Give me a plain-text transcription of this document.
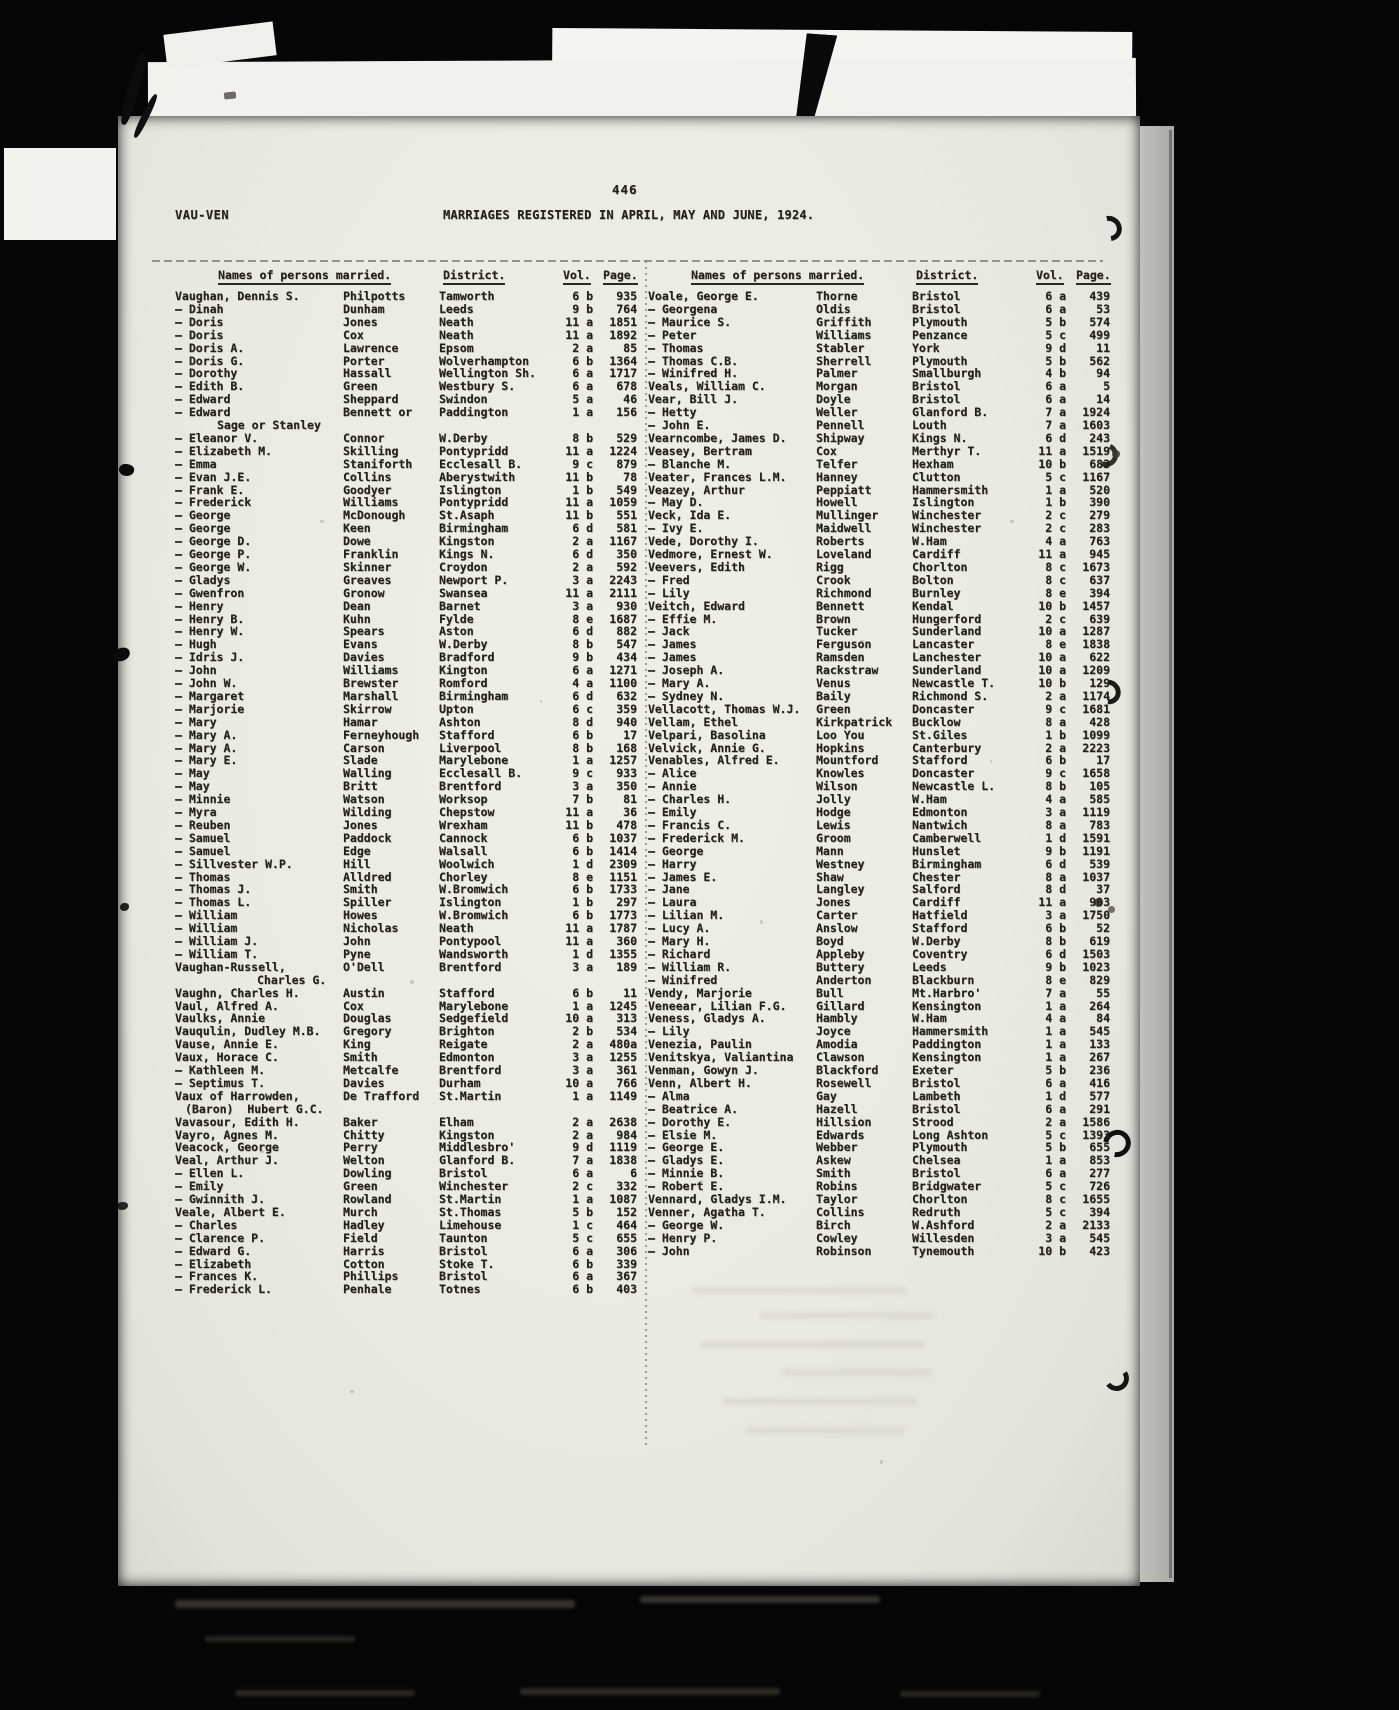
446
VAU-VEN	MARRIAGES REGISTERED IN APRIL, MAY AND JUNE, 1924.
Names of persons married.	District.	Vol. Page.	Names of persons married.	District.	Vol. Page.
Vaughan, Dennis S.	Philpotts	Tamworth	6 b	935
— Dinah	Dunham	Leeds	9 b	764
— Doris	Jones	Neath	11 a	1851
— Doris	Cox	Neath	11 a	1892
— Doris A.	Lawrence	Epsom	2 a	85
— Doris G.	Porter	Wolverhampton	6 b	1364
— Dorothy	Hassall	Wellington Sh.	6 a	1717
— Edith B.	Green	Westbury S.	6 a	678
— Edward	Sheppard	Swindon	5 a	46
— Edward	Bennett or	Paddington	1 a	156
Sage or Stanley
— Eleanor V.	Connor	W.Derby	8 b	529
— Elizabeth M.	Skilling	Pontypridd	11 a	1224
— Emma	Staniforth	Ecclesall B.	9 c	879
— Evan J.E.	Collins	Aberystwith	11 b	78
— Frank E.	Goodyer	Islington	1 b	549
— Frederick	Williams	Pontypridd	11 a	1059
— George	McDonough	St.Asaph	11 b	551
— George	Keen	Birmingham	6 d	581
— George D.	Dowe	Kingston	2 a	1167
— George P.	Franklin	Kings N.	6 d	350
— George W.	Skinner	Croydon	2 a	592
— Gladys	Greaves	Newport P.	3 a	2243
— Gwenfron	Gronow	Swansea	11 a	2111
— Henry	Dean	Barnet	3 a	930
— Henry B.	Kuhn	Fylde	8 e	1687
— Henry W.	Spears	Aston	6 d	882
— Hugh	Evans	W.Derby	8 b	547
— Idris J.	Davies	Bradford	9 b	434
— John	Williams	Kington	6 a	1271
— John W.	Brewster	Romford	4 a	1100
— Margaret	Marshall	Birmingham	6 d	632
— Marjorie	Skirrow	Upton	6 c	359
— Mary	Hamar	Ashton	8 d	940
— Mary A.	Ferneyhough	Stafford	6 b	17
— Mary A.	Carson	Liverpool	8 b	168
— Mary E.	Slade	Marylebone	1 a	1257
— May	Walling	Ecclesall B.	9 c	933
— May	Britt	Brentford	3 a	350
— Minnie	Watson	Worksop	7 b	81
— Myra	Wilding	Chepstow	11 a	36
— Reuben	Jones	Wrexham	11 b	478
— Samuel	Paddock	Cannock	6 b	1037
— Samuel	Edge	Walsall	6 b	1414
— Sillvester W.P.	Hill	Woolwich	1 d	2309
— Thomas	Alldred	Chorley	8 e	1151
— Thomas J.	Smith	W.Bromwich	6 b	1733
— Thomas L.	Spiller	Islington	1 b	297
— William	Howes	W.Bromwich	6 b	1773
— William	Nicholas	Neath	11 a	1787
— William J.	John	Pontypool	11 a	360
— William T.	Pyne	Wandsworth	1 d	1355
Vaughan-Russell,	O'Dell	Brentford	3 a	189
Charles G.
Vaughn, Charles H.	Austin	Stafford	6 b	11
Vaul, Alfred A.	Cox	Marylebone	1 a	1245
Vaulks, Annie	Douglas	Sedgefield	10 a	313
Vauqulin, Dudley M.B.	Gregory	Brighton	2 b	534
Vause, Annie E.	King	Reigate	2 a	480a
Vaux, Horace C.	Smith	Edmonton	3 a	1255
— Kathleen M.	Metcalfe	Brentford	3 a	361
— Septimus T.	Davies	Durham	10 a	766
Vaux of Harrowden,	De Trafford	St.Martin	1 a	1149
(Baron)  Hubert G.C.
Vavasour, Edith H.	Baker	Elham	2 a	2638
Vayro, Agnes M.	Chitty	Kingston	2 a	984
Veacock, George	Perry	Middlesbro'	9 d	1119
Veal, Arthur J.	Welton	Glanford B.	7 a	1838
— Ellen L.	Dowling	Bristol	6 a	6
— Emily	Green	Winchester	2 c	332
— Gwinnith J.	Rowland	St.Martin	1 a	1087
Veale, Albert E.	Murch	St.Thomas	5 b	152
— Charles	Hadley	Limehouse	1 c	464
— Clarence P.	Field	Taunton	5 c	655
— Edward G.	Harris	Bristol	6 a	306
— Elizabeth	Cotton	Stoke T.	6 b	339
— Frances K.	Phillips	Bristol	6 a	367
— Frederick L.	Penhale	Totnes	6 b	403
Voale, George E.	Thorne	Bristol	6 a	439
— Georgena	Oldis	Bristol	6 a	53
— Maurice S.	Griffith	Plymouth	5 b	574
— Peter	Williams	Penzance	5 c	499
— Thomas	Stabler	York	9 d	11
— Thomas C.B.	Sherrell	Plymouth	5 b	562
— Winifred H.	Palmer	Smallburgh	4 b	94
Veals, William C.	Morgan	Bristol	6 a	5
Vear, Bill J.	Doyle	Bristol	6 a	14
— Hetty	Weller	Glanford B.	7 a	1924
— John E.	Pennell	Louth	7 a	1603
Vearncombe, James D.	Shipway	Kings N.	6 d	243
Veasey, Bertram	Cox	Merthyr T.	11 a	1519
— Blanche M.	Telfer	Hexham	10 b	683
Veater, Frances L.M.	Hanney	Clutton	5 c	1167
Veazey, Arthur	Peppiatt	Hammersmith	1 a	520
— May D.	Howell	Islington	1 b	390
Veck, Ida E.	Mullinger	Winchester	2 c	279
— Ivy E.	Maidwell	Winchester	2 c	283
Vede, Dorothy I.	Roberts	W.Ham	4 a	763
Vedmore, Ernest W.	Loveland	Cardiff	11 a	945
Veevers, Edith	Rigg	Chorlton	8 c	1673
— Fred	Crook	Bolton	8 c	637
— Lily	Richmond	Burnley	8 e	394
Veitch, Edward	Bennett	Kendal	10 b	1457
— Effie M.	Brown	Hungerford	2 c	639
— Jack	Tucker	Sunderland	10 a	1287
— James	Ferguson	Lancaster	8 e	1838
— James	Ramsden	Lanchester	10 a	622
— Joseph A.	Rackstraw	Sunderland	10 a	1209
— Mary A.	Venus	Newcastle T.	10 b	129
— Sydney N.	Baily	Richmond S.	2 a	1174
Vellacott, Thomas W.J.	Green	Doncaster	9 c	1681
Vellam, Ethel	Kirkpatrick	Bucklow	8 a	428
Velpari, Basolina	Loo You	St.Giles	1 b	1099
Velvick, Annie G.	Hopkins	Canterbury	2 a	2223
Venables, Alfred E.	Mountford	Stafford	6 b	17
— Alice	Knowles	Doncaster	9 c	1658
— Annie	Wilson	Newcastle L.	8 b	105
— Charles H.	Jolly	W.Ham	4 a	585
— Emily	Hodge	Edmonton	3 a	1119
— Francis C.	Lewis	Nantwich	8 a	783
— Frederick M.	Groom	Camberwell	1 d	1591
— George	Mann	Hunslet	9 b	1191
— Harry	Westney	Birmingham	6 d	539
— James E.	Shaw	Chester	8 a	1037
— Jane	Langley	Salford	8 d	37
— Laura	Jones	Cardiff	11 a	903
— Lilian M.	Carter	Hatfield	3 a	1750
— Lucy A.	Anslow	Stafford	6 b	52
— Mary H.	Boyd	W.Derby	8 b	619
— Richard	Appleby	Coventry	6 d	1503
— William R.	Buttery	Leeds	9 b	1023
— Winifred	Anderton	Blackburn	8 e	829
Vendy, Marjorie	Bull	Mt.Harbro'	7 a	55
Veneear, Lilian F.G.	Gillard	Kensington	1 a	264
Veness, Gladys A.	Hambly	W.Ham	4 a	84
— Lily	Joyce	Hammersmith	1 a	545
Venezia, Paulin	Amodia	Paddington	1 a	133
Venitskya, Valiantina	Clawson	Kensington	1 a	267
Venman, Gowyn J.	Blackford	Exeter	5 b	236
Venn, Albert H.	Rosewell	Bristol	6 a	416
— Alma	Gay	Lambeth	1 d	577
— Beatrice A.	Hazell	Bristol	6 a	291
— Dorothy E.	Hillsion	Strood	2 a	1586
— Elsie M.	Edwards	Long Ashton	5 c	1393
— George E.	Webber	Plymouth	5 b	655
— Gladys E.	Askew	Chelsea	1 a	853
— Minnie B.	Smith	Bristol	6 a	277
— Robert E.	Robins	Bridgwater	5 c	726
Vennard, Gladys I.M.	Taylor	Chorlton	8 c	1655
Venner, Agatha T.	Collins	Redruth	5 c	394
— George W.	Birch	W.Ashford	2 a	2133
— Henry P.	Cowley	Willesden	3 a	545
— John	Robinson	Tynemouth	10 b	423
